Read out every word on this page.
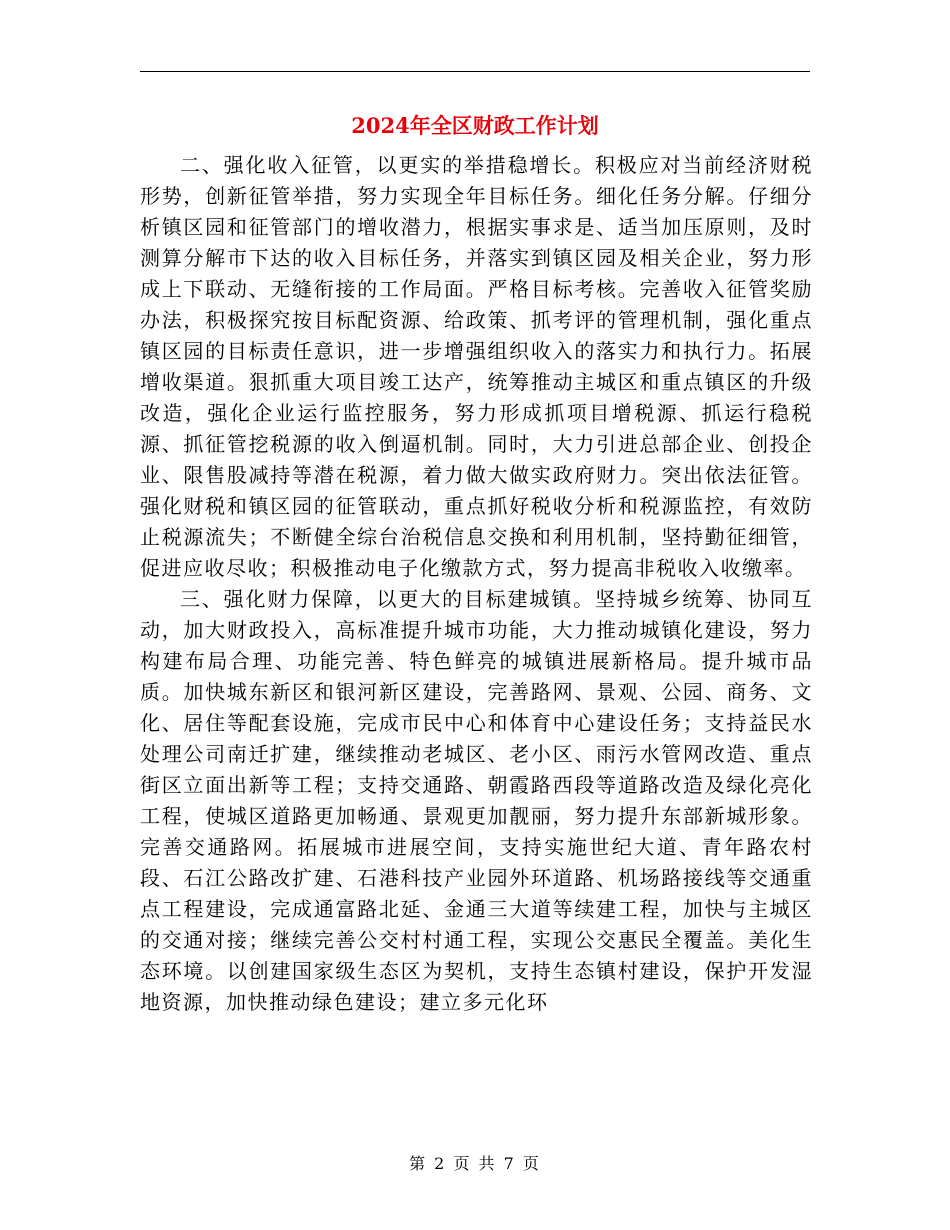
2024年全区财政工作计划

二、强化收入征管，以更实的举措稳增长。积极应对当前经济财税形势，创新征管举措，努力实现全年目标任务。细化任务分解。仔细分析镇区园和征管部门的增收潜力，根据实事求是、适当加压原则，及时测算分解市下达的收入目标任务，并落实到镇区园及相关企业，努力形成上下联动、无缝衔接的工作局面。严格目标考核。完善收入征管奖励办法，积极探究按目标配资源、给政策、抓考评的管理机制，强化重点镇区园的目标责任意识，进一步增强组织收入的落实力和执行力。拓展增收渠道。狠抓重大项目竣工达产，统筹推动主城区和重点镇区的升级改造，强化企业运行监控服务，努力形成抓项目增税源、抓运行稳税源、抓征管挖税源的收入倒逼机制。同时，大力引进总部企业、创投企业、限售股减持等潜在税源，着力做大做实政府财力。突出依法征管。强化财税和镇区园的征管联动，重点抓好税收分析和税源监控，有效防止税源流失；不断健全综台治税信息交换和利用机制，坚持勤征细管，促进应收尽收；积极推动电子化缴款方式，努力提高非税收入收缴率。

三、强化财力保障，以更大的目标建城镇。坚持城乡统筹、协同互动，加大财政投入，高标准提升城市功能，大力推动城镇化建设，努力构建布局合理、功能完善、特色鲜亮的城镇进展新格局。提升城市品质。加快城东新区和银河新区建设，完善路网、景观、公园、商务、文化、居住等配套设施，完成市民中心和体育中心建设任务；支持益民水处理公司南迁扩建，继续推动老城区、老小区、雨污水管网改造、重点街区立面出新等工程；支持交通路、朝霞路西段等道路改造及绿化亮化工程，使城区道路更加畅通、景观更加靓丽，努力提升东部新城形象。完善交通路网。拓展城市进展空间，支持实施世纪大道、青年路农村段、石江公路改扩建、石港科技产业园外环道路、机场路接线等交通重点工程建设，完成通富路北延、金通三大道等续建工程，加快与主城区的交通对接；继续完善公交村村通工程，实现公交惠民全覆盖。美化生态环境。以创建国家级生态区为契机，支持生态镇村建设，保护开发湿地资源，加快推动绿色建设；建立多元化环

第 2 页 共 7 页
